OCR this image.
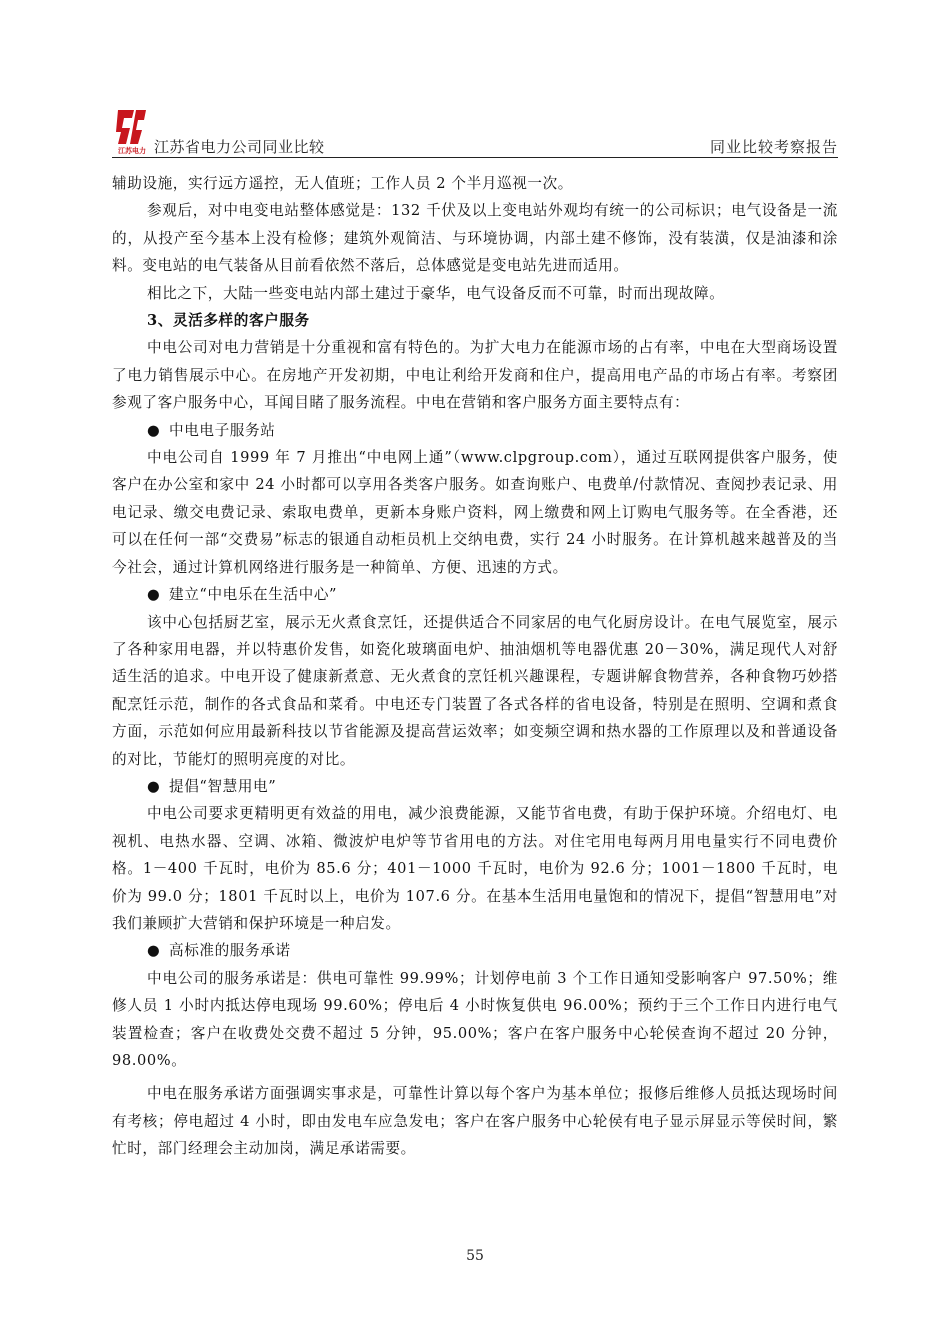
江苏电力 江苏省电力公司同业比较	同业比较考察报告

辅助设施，实行远方遥控，无人值班；工作人员 2 个半月巡视一次。

参观后，对中电变电站整体感觉是：132 千伏及以上变电站外观均有统一的公司标识；电气设备是一流的，从投产至今基本上没有检修；建筑外观简洁、与环境协调，内部土建不修饰，没有装潢，仅是油漆和涂料。变电站的电气装备从目前看依然不落后，总体感觉是变电站先进而适用。

相比之下，大陆一些变电站内部土建过于豪华，电气设备反而不可靠，时而出现故障。

3、灵活多样的客户服务

中电公司对电力营销是十分重视和富有特色的。为扩大电力在能源市场的占有率，中电在大型商场设置了电力销售展示中心。在房地产开发初期，中电让利给开发商和住户，提高用电产品的市场占有率。考察团参观了客户服务中心，耳闻目睹了服务流程。中电在营销和客户服务方面主要特点有：

● 中电电子服务站

中电公司自 1999 年 7 月推出“中电网上通”（www.clpgroup.com），通过互联网提供客户服务，使客户在办公室和家中 24 小时都可以享用各类客户服务。如查询账户、电费单/付款情况、查阅抄表记录、用电记录、缴交电费记录、索取电费单，更新本身账户资料，网上缴费和网上订购电气服务等。在全香港，还可以在任何一部“交费易”标志的银通自动柜员机上交纳电费，实行 24 小时服务。在计算机越来越普及的当今社会，通过计算机网络进行服务是一种简单、方便、迅速的方式。

● 建立“中电乐在生活中心”

该中心包括厨艺室，展示无火煮食烹饪，还提供适合不同家居的电气化厨房设计。在电气展览室，展示了各种家用电器，并以特惠价发售，如瓷化玻璃面电炉、抽油烟机等电器优惠 20－30%，满足现代人对舒适生活的追求。中电开设了健康新煮意、无火煮食的烹饪机兴趣课程，专题讲解食物营养，各种食物巧妙搭配烹饪示范，制作的各式食品和菜肴。中电还专门装置了各式各样的省电设备，特别是在照明、空调和煮食方面，示范如何应用最新科技以节省能源及提高营运效率；如变频空调和热水器的工作原理以及和普通设备的对比，节能灯的照明亮度的对比。

● 提倡“智慧用电”

中电公司要求更精明更有效益的用电，减少浪费能源，又能节省电费，有助于保护环境。介绍电灯、电视机、电热水器、空调、冰箱、微波炉电炉等节省用电的方法。对住宅用电每两月用电量实行不同电费价格。1－400 千瓦时，电价为 85.6 分；401－1000 千瓦时，电价为 92.6 分；1001－1800 千瓦时，电价为 99.0 分；1801 千瓦时以上，电价为 107.6 分。在基本生活用电量饱和的情况下，提倡“智慧用电”对我们兼顾扩大营销和保护环境是一种启发。

● 高标准的服务承诺

中电公司的服务承诺是：供电可靠性 99.99%；计划停电前 3 个工作日通知受影响客户 97.50%；维修人员 1 小时内抵达停电现场 99.60%；停电后 4 小时恢复供电 96.00%；预约于三个工作日内进行电气装置检查；客户在收费处交费不超过 5 分钟，95.00%；客户在客户服务中心轮侯查询不超过 20 分钟，98.00%。

中电在服务承诺方面强调实事求是，可靠性计算以每个客户为基本单位；报修后维修人员抵达现场时间有考核；停电超过 4 小时，即由发电车应急发电；客户在客户服务中心轮侯有电子显示屏显示等侯时间，繁忙时，部门经理会主动加岗，满足承诺需要。

55
